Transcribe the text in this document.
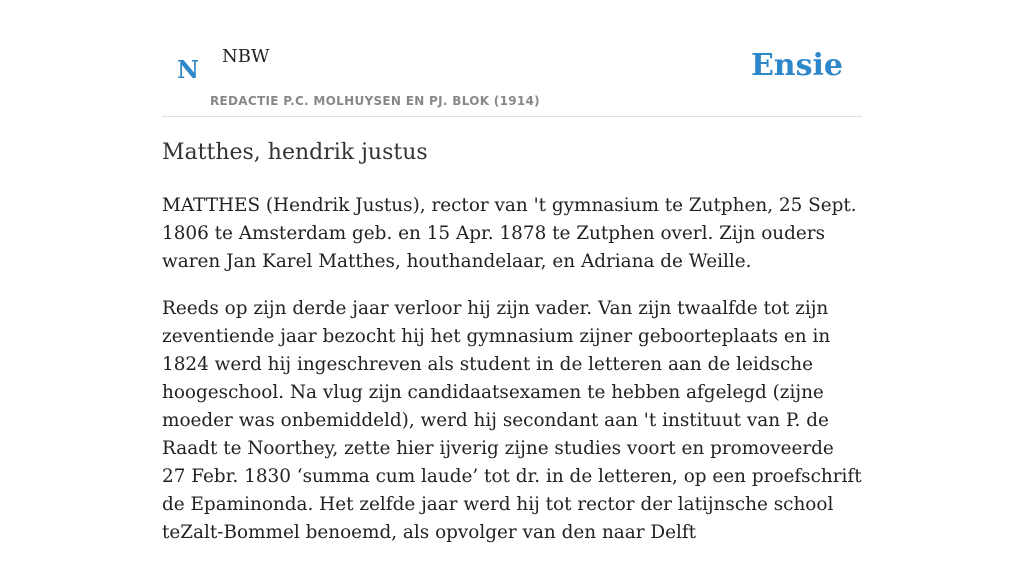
N NBW
REDACTIE P.C. MOLHUYSEN EN PJ. BLOK (1914)
Ensie
Matthes, hendrik justus

MATTHES (Hendrik Justus), rector van 't gymnasium te Zutphen, 25 Sept. 1806 te Amsterdam geb. en 15 Apr. 1878 te Zutphen overl. Zijn ouders waren Jan Karel Matthes, houthandelaar, en Adriana de Weille.

Reeds op zijn derde jaar verloor hij zijn vader. Van zijn twaalfde tot zijn zeventiende jaar bezocht hij het gymnasium zijner geboorteplaats en in 1824 werd hij ingeschreven als student in de letteren aan de leidsche hoogeschool. Na vlug zijn candidaatsexamen te hebben afgelegd (zijne moeder was onbemiddeld), werd hij secondant aan 't instituut van P. de Raadt te Noorthey, zette hier ijverig zijne studies voort en promoveerde 27 Febr. 1830 ‘summa cum laude’ tot dr. in de letteren, op een proefschrift de Epaminonda. Het zelfde jaar werd hij tot rector der latijnsche school teZalt-Bommel benoemd, als opvolger van den naar Delft
